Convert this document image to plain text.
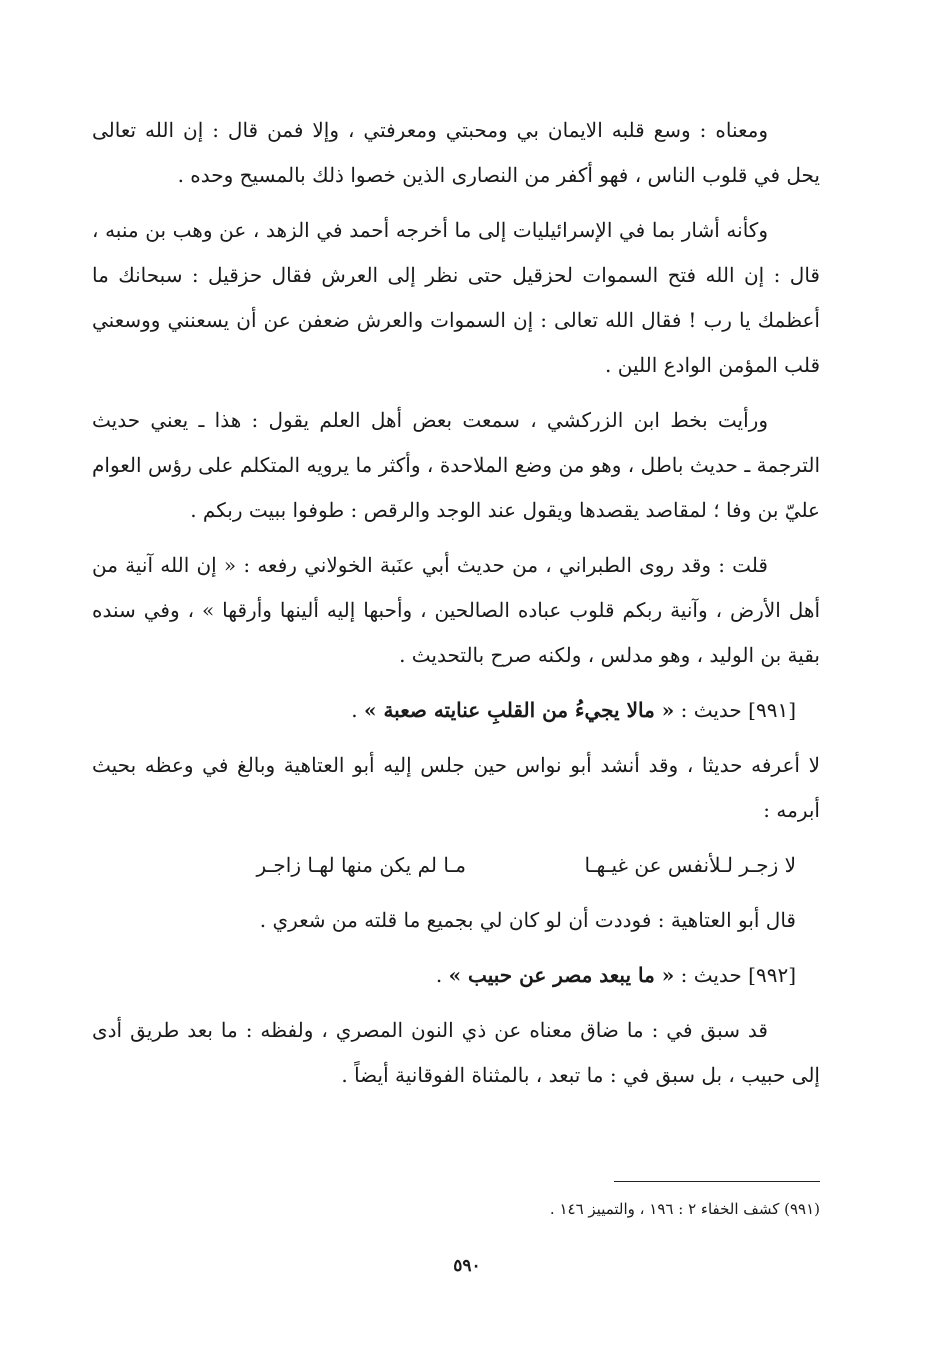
ومعناه : وسع قلبه الايمان بي ومحبتي ومعرفتي ، وإلا فمن قال : إن الله تعالى يحل في قلوب الناس ، فهو أكفر من النصارى الذين خصوا ذلك بالمسيح وحده .

وكأنه أشار بما في الإسرائيليات إلى ما أخرجه أحمد في الزهد ، عن وهب بن منبه ، قال : إن الله فتح السموات لحزقيل حتى نظر إلى العرش فقال حزقيل : سبحانك ما أعظمك يا رب ! فقال الله تعالى : إن السموات والعرش ضعفن عن أن يسعنني ووسعني قلب المؤمن الوادع اللين .

ورأيت بخط ابن الزركشي ، سمعت بعض أهل العلم يقول : هذا ـ يعني حديث الترجمة ـ حديث باطل ، وهو من وضع الملاحدة ، وأكثر ما يرويه المتكلم على رؤس العوام عليّ بن وفا ؛ لمقاصد يقصدها ويقول عند الوجد والرقص : طوفوا ببيت ربكم .

قلت : وقد روى الطبراني ، من حديث أبي عنَبة الخولاني رفعه : « إن الله آنية من أهل الأرض ، وآنية ربكم قلوب عباده الصالحين ، وأحبها إليه ألينها وأرقها » ، وفي سنده بقية بن الوليد ، وهو مدلس ، ولكنه صرح بالتحديث .

[٩٩١] حديث : « مالا يجيءُ من القلبِ عنايته صعبة » .

لا أعرفه حديثا ، وقد أنشد أبو نواس حين جلس إليه أبو العتاهية وبالغ في وعظه بحيث أبرمه :

لا زجـر لـلأنفس عن غيـهـا
مـا لم يكن منها لهـا زاجـر

قال أبو العتاهية : فوددت أن لو كان لي بجميع ما قلته من شعري .

[٩٩٢] حديث : « ما يبعد مصر عن حبيب » .

قد سبق في : ما ضاق معناه عن ذي النون المصري ، ولفظه : ما بعد طريق أدى إلى حبيب ، بل سبق في : ما تبعد ، بالمثناة الفوقانية أيضاً .

(٩٩١) كشف الخفاء ٢ : ١٩٦ ، والتمييز ١٤٦ .
٥٩٠
